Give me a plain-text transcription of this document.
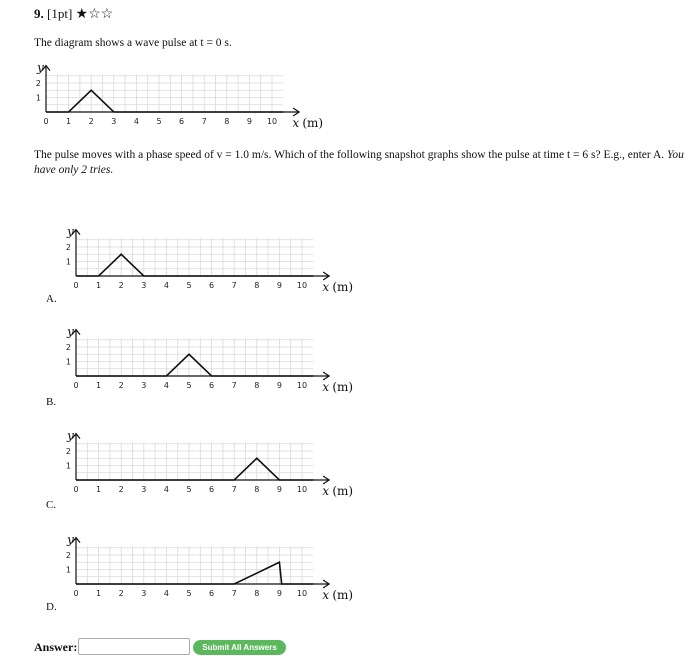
9. [1pt] ★☆☆
The diagram shows a wave pulse at t = 0 s.
The pulse moves with a phase speed of v = 1.0 m/s. Which of the following snapshot graphs show the pulse at time t = 6 s? E.g., enter A. You have only 2 tries.
0 1 2 3 4 5 6 7 8 9 10
1
2
y
x (m)
0 1 2 3 4 5 6 7 8 9 10
1
2
y
x (m)
0 1 2 3 4 5 6 7 8 9 10
1
2
y
x (m)
0 1 2 3 4 5 6 7 8 9 10
1
2
y
x (m)
0 1 2 3 4 5 6 7 8 9 10
1
2
y
x (m)
A.
B.
C.
D.
Answer:	Submit All Answers
